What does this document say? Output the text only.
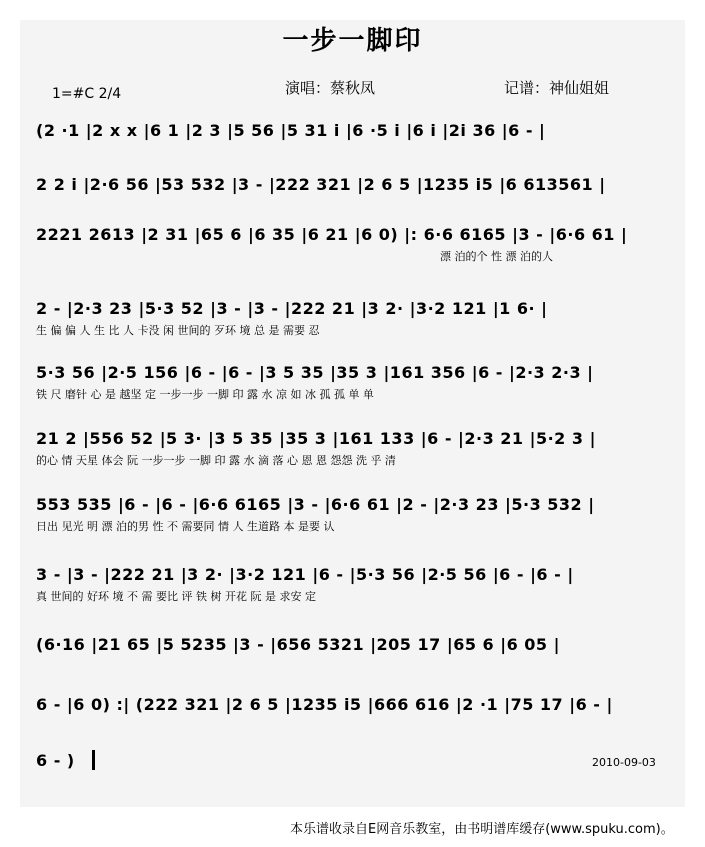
一步一脚印
1=#C 2/4	演唱：蔡秋凤	记谱：神仙姐姐
(2 ·1 |2 x x |6 1 |2 3 |5 56 |5 31 i |6 ·5 i |6 i |2i 36 |6 - |
2 2 i |2·6 56 |53 532 |3 - |222 321 |2 6 5 |1235 i5 |6 613561 |
2221 2613 |2 31 |65 6 |6 35 |6 21 |6 0) |: 6·6 6165 |3 - |6·6 61 |
漂 泊的个 性 漂 泊的人
2 - |2·3 23 |5·3 52 |3 - |3 - |222 21 |3 2· |3·2 121 |1 6· |
生 偏 偏 人 生 比 人 卡没 闲 世间的 歹环 境 总 是 需要 忍
5·3 56 |2·5 156 |6 - |6 - |3 5 35 |35 3 |161 356 |6 - |2·3 2·3 |
铁 尺 磨针 心 是 越坚 定 一步一步 一脚 印 露 水 凉 如 冰 孤 孤 单 单
21 2 |556 52 |5 3· |3 5 35 |35 3 |161 133 |6 - |2·3 21 |5·2 3 |
的心 情 天星 体会 阮 一步一步 一脚 印 露 水 滴 落 心 恩 恩 怨怨 洗 乎 清
553 535 |6 - |6 - |6·6 6165 |3 - |6·6 61 |2 - |2·3 23 |5·3 532 |
日出 见光 明 漂 泊的男 性 不 需要同 情 人 生道路 本 是要 认
3 - |3 - |222 21 |3 2· |3·2 121 |6 - |5·3 56 |2·5 56 |6 - |6 - |
真 世间的 好环 境 不 需 要比 评 铁 树 开花 阮 是 求安 定
(6·16 |21 65 |5 5235 |3 - |656 5321 |205 17 |65 6 |6 05 |
6 - |6 0) :| (222 321 |2 6 5 |1235 i5 |666 616 |2 ·1 |75 17 |6 - |
6 - )	2010-09-03
本乐谱收录自E网音乐教室，由书明谱库缓存(www.spuku.com)。
